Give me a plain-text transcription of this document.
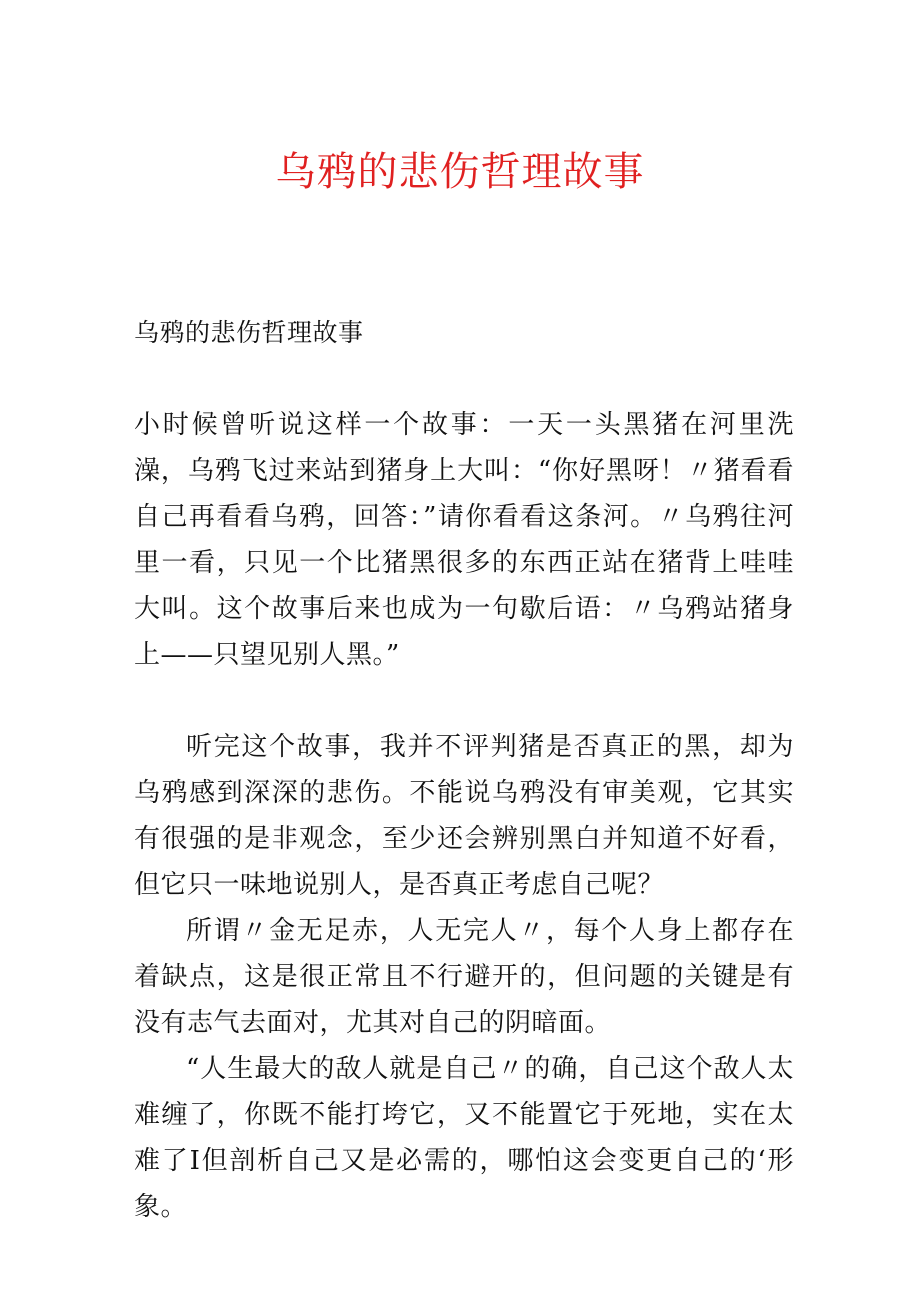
乌鸦的悲伤哲理故事

乌鸦的悲伤哲理故事

小时候曾听说这样一个故事：一天一头黑猪在河里洗澡，乌鸦飞过来站到猪身上大叫：“你好黑呀！〃猪看看自己再看看乌鸦，回答：”请你看看这条河。〃乌鸦往河里一看，只见一个比猪黑很多的东西正站在猪背上哇哇大叫。这个故事后来也成为一句歇后语：〃乌鸦站猪身上——只望见别人黑。”

听完这个故事，我并不评判猪是否真正的黑，却为乌鸦感到深深的悲伤。不能说乌鸦没有审美观，它其实有很强的是非观念，至少还会辨别黑白并知道不好看，但它只一味地说别人，是否真正考虑自己呢？

所谓〃金无足赤，人无完人〃，每个人身上都存在着缺点，这是很正常且不行避开的，但问题的关键是有没有志气去面对，尤其对自己的阴暗面。

“人生最大的敌人就是自己〃的确，自己这个敌人太难缠了，你既不能打垮它，又不能置它于死地，实在太难了I但剖析自己又是必需的，哪怕这会变更自己的‘形象。
